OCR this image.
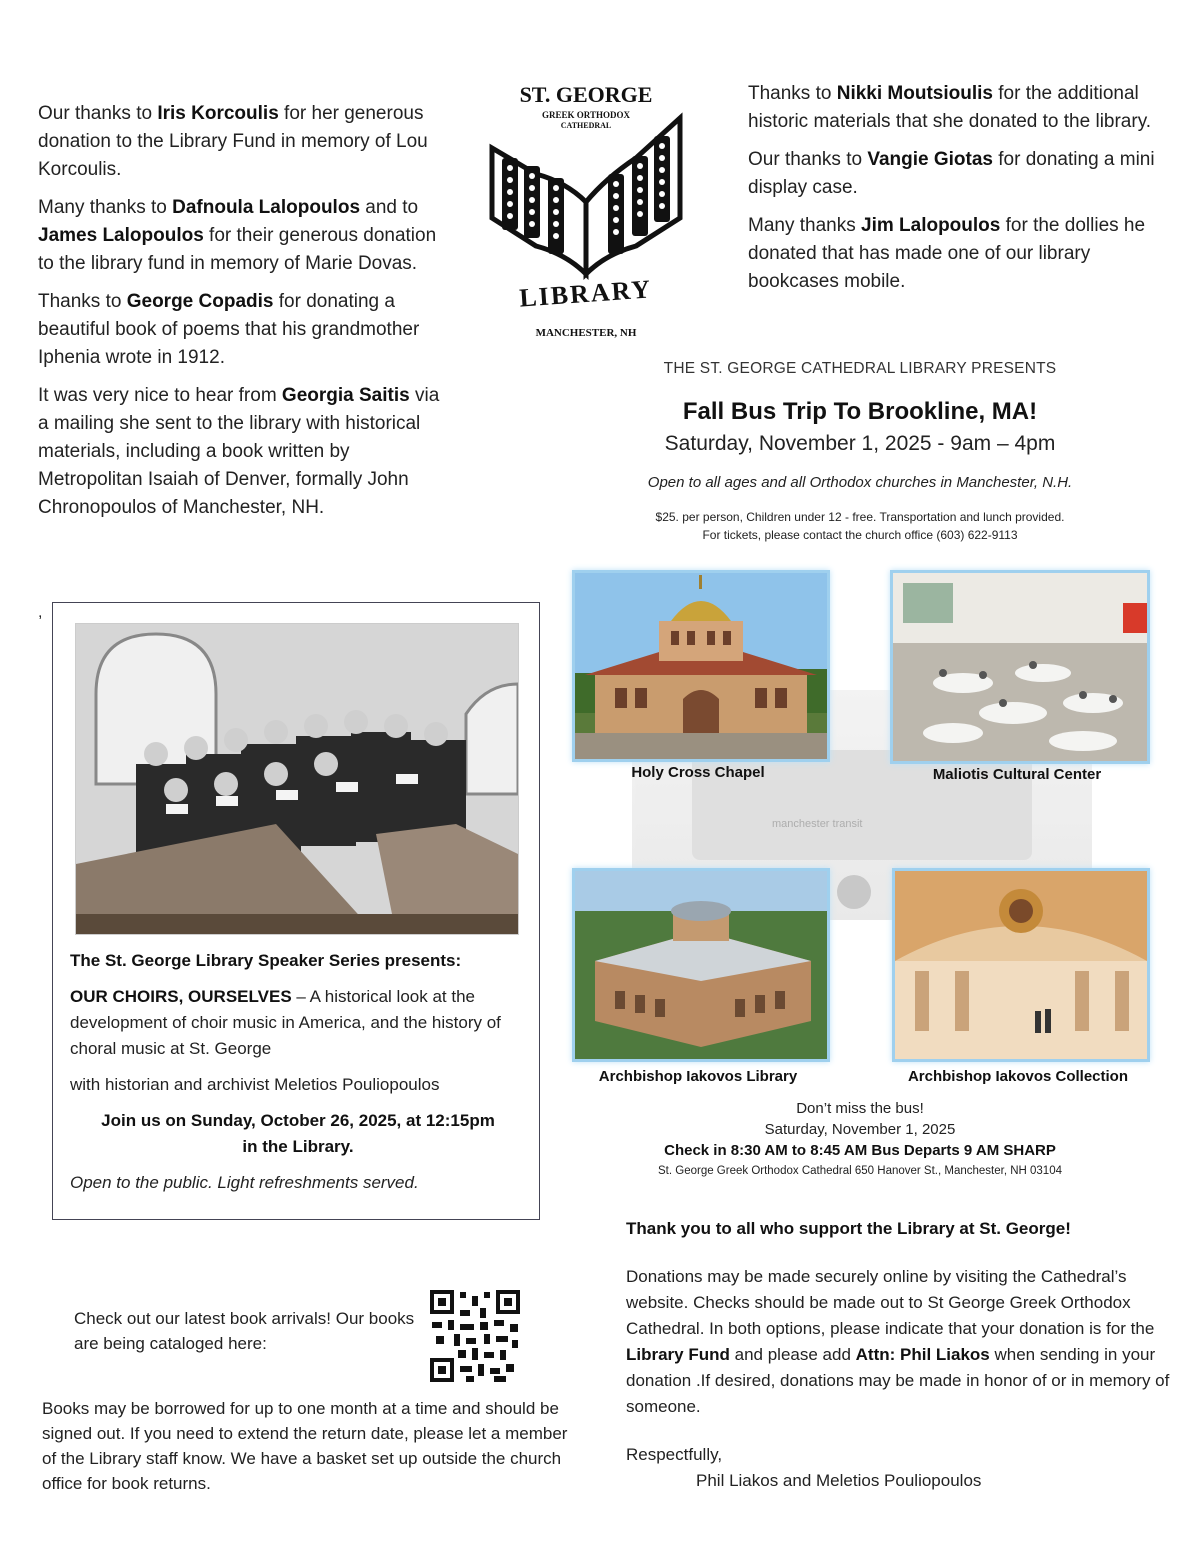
Our thanks to Iris Korcoulis for her generous donation to the Library Fund in memory of Lou Korcoulis.

Many thanks to Dafnoula Lalopoulos and to James Lalopoulos for their generous donation to the library fund in memory of Marie Dovas.

Thanks to George Copadis for donating a beautiful book of poems that his grandmother Iphenia wrote in 1912.

It was very nice to hear from Georgia Saitis via a mailing she sent to the library with historical materials, including a book written by Metropolitan Isaiah of Denver, formally John Chronopoulos of Manchester, NH.

,
ST. GEORGE
GREEK ORTHODOX
CATHEDRAL
LIBRARY
MANCHESTER, NH

Thanks to Nikki Moutsioulis for the additional historic materials that she donated to the library.

Our thanks to Vangie Giotas for donating a mini display case.

Many thanks Jim Lalopoulos for the dollies he donated that has made one of our library bookcases mobile.

THE ST. GEORGE CATHEDRAL LIBRARY PRESENTS
Fall Bus Trip To Brookline, MA!
Saturday, November 1, 2025 - 9am – 4pm
Open to all ages and all Orthodox churches in Manchester, N.H.
$25. per person, Children under 12 - free. Transportation and lunch provided.
For tickets, please contact the church office (603) 622-9113
manchester transit
Holy Cross Chapel	Maliotis Cultural Center
Archbishop Iakovos Library	Archbishop Iakovos Collection
Don’t miss the bus!
Saturday, November 1, 2025
Check in 8:30 AM to 8:45 AM Bus Departs 9 AM SHARP
St. George Greek Orthodox Cathedral 650 Hanover St., Manchester, NH 03104

The St. George Library Speaker Series presents:

OUR CHOIRS, OURSELVES – A historical look at the development of choir music in America, and the history of choral music at St. George

with historian and archivist Meletios Pouliopoulos

Join us on Sunday, October 26, 2025, at 12:15pm

in the Library.

Open to the public. Light refreshments served.

Check out our latest book arrivals! Our books are being cataloged here:
Books may be borrowed for up to one month at a time and should be signed out. If you need to extend the return date, please let a member of the Library staff know. We have a basket set up outside the church office for book returns.

Thank you to all who support the Library at St. George!

Donations may be made securely online by visiting the Cathedral’s website. Checks should be made out to St George Greek Orthodox Cathedral. In both options, please indicate that your donation is for the Library Fund and please add Attn: Phil Liakos when sending in your donation .If desired, donations may be made in honor of or in memory of someone.

Respectfully,

Phil Liakos and Meletios Pouliopoulos
